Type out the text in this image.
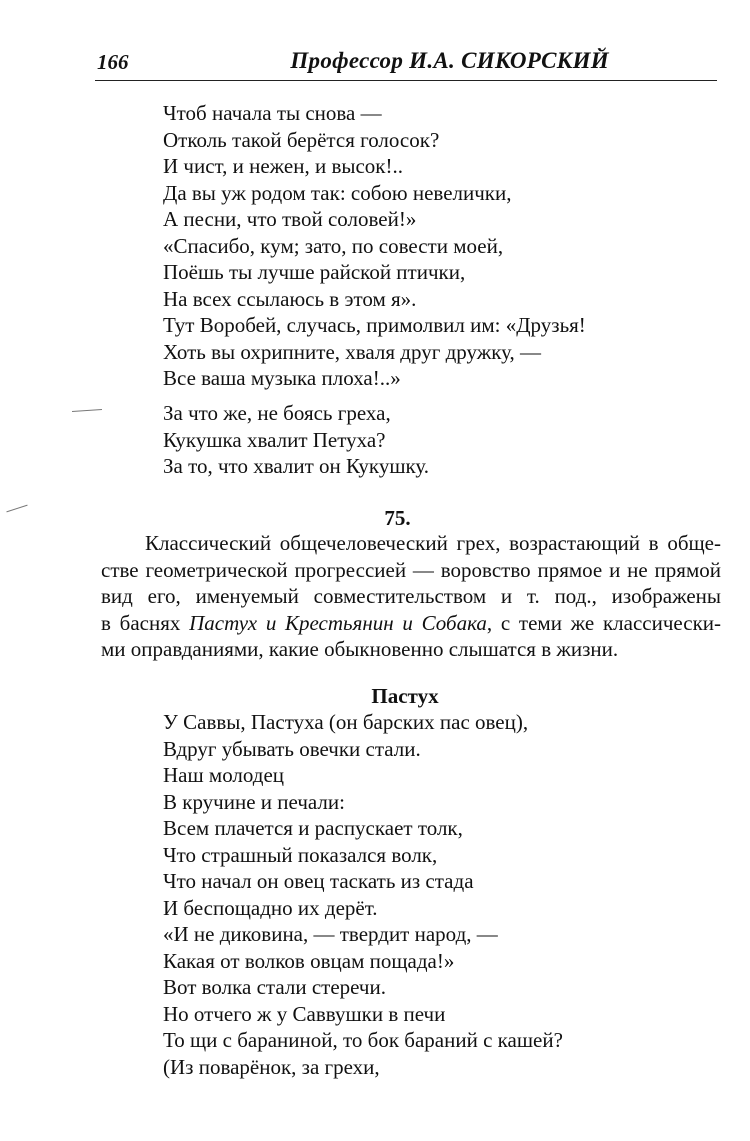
166	Профессор И.А. СИКОРСКИЙ
Чтоб начала ты снова —
Отколь такой берётся голосок?
И чист, и нежен, и высок!..
Да вы уж родом так: собою невелички,
А песни, что твой соловей!»
«Спасибо, кум; зато, по совести моей,
Поёшь ты лучше райской птички,
На всех ссылаюсь в этом я».
Тут Воробей, случась, примолвил им: «Друзья!
Хоть вы охрипните, хваля друг дружку, —
Все ваша музыка плоха!..»
За что же, не боясь греха,
Кукушка хвалит Петуха?
За то, что хвалит он Кукушку.
75.
Классический общечеловеческий грех, возрастающий в обще-
стве геометрической прогрессией — воровство прямое и не прямой
вид его, именуемый совместительством и т. под., изображены
в баснях Пастух и Крестьянин и Собака, с теми же классически-
ми оправданиями, какие обыкновенно слышатся в жизни.
Пастух
У Саввы, Пастуха (он барских пас овец),
Вдруг убывать овечки стали.
Наш молодец
В кручине и печали:
Всем плачется и распускает толк,
Что страшный показался волк,
Что начал он овец таскать из стада
И беспощадно их дерёт.
«И не диковина, — твердит народ, —
Какая от волков овцам пощада!»
Вот волка стали стеречи.
Но отчего ж у Саввушки в печи
То щи с бараниной, то бок бараний с кашей?
(Из поварёнок, за грехи,
